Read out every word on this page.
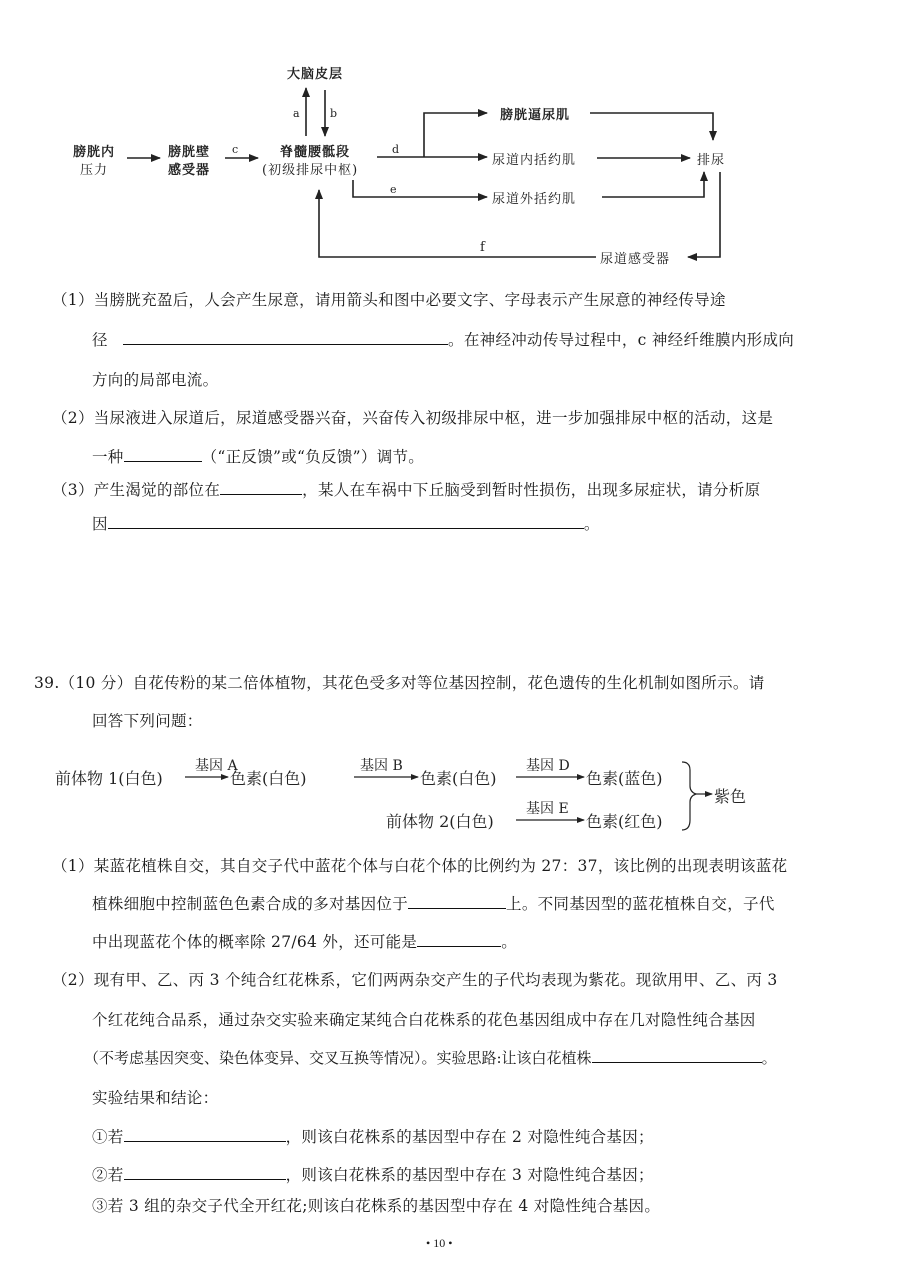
大脑皮层
膀胱内
压力
膀胱壁
感受器
脊髓腰骶段
(初级排尿中枢)
膀胱逼尿肌
尿道内括约肌	排尿
尿道外括约肌
尿道感受器
a	b
c	d
e
f
（1）当膀胱充盈后，人会产生尿意，请用箭头和图中必要文字、字母表示产生尿意的神经传导途
径	。在神经冲动传导过程中，c 神经纤维膜内形成向
方向的局部电流。
（2）当尿液进入尿道后，尿道感受器兴奋，兴奋传入初级排尿中枢，进一步加强排尿中枢的活动，这是
一种	（“正反馈”或“负反馈”）调节。
（3）产生渴觉的部位在	，某人在车祸中下丘脑受到暂时性损伤，出现多尿症状，请分析原
因	。
39.（10 分）自花传粉的某二倍体植物，其花色受多对等位基因控制，花色遗传的生化机制如图所示。请
回答下列问题：
前体物 1(白色)
基因 A
色素(白色)
基因 B
色素(白色)
基因 D
色素(蓝色)
前体物 2(白色)
基因 E
色素(红色)
紫色
（1）某蓝花植株自交，其自交子代中蓝花个体与白花个体的比例约为 27：37，该比例的出现表明该蓝花
植株细胞中控制蓝色色素合成的多对基因位于	上。不同基因型的蓝花植株自交，子代
中出现蓝花个体的概率除 27/64 外，还可能是	。
（2）现有甲、乙、丙 3 个纯合红花株系，它们两两杂交产生的子代均表现为紫花。现欲用甲、乙、丙 3
个红花纯合品系，通过杂交实验来确定某纯合白花株系的花色基因组成中存在几对隐性纯合基因
（不考虑基因突变、染色体变异、交叉互换等情况）。实验思路:让该白花植株	。
实验结果和结论：
①若	，则该白花株系的基因型中存在 2 对隐性纯合基因；
②若	，则该白花株系的基因型中存在 3 对隐性纯合基因；
③若 3 组的杂交子代全开红花;则该白花株系的基因型中存在 4 对隐性纯合基因。
• 10 •
